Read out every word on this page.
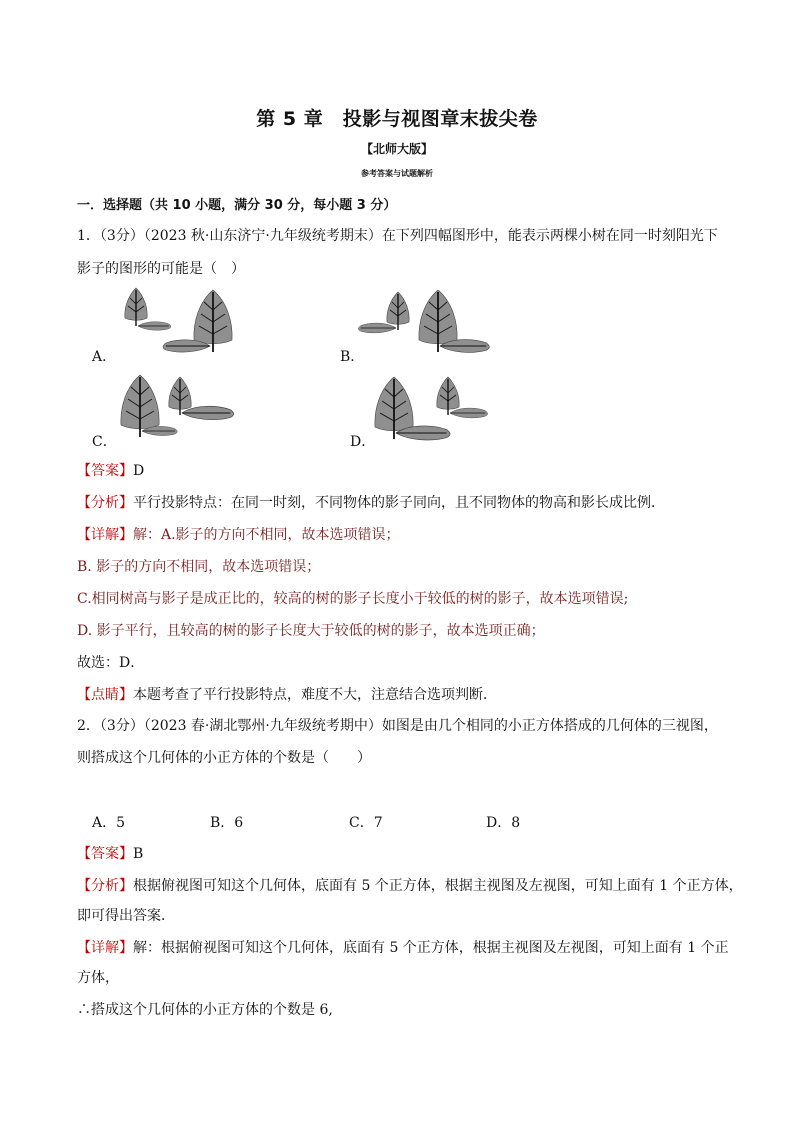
第 5 章　投影与视图章末拔尖卷
【北师大版】
参考答案与试题解析
一．选择题（共 10 小题，满分 30 分，每小题 3 分）
1．（3分）（2023 秋·山东济宁·九年级统考期末）在下列四幅图形中，能表示两棵小树在同一时刻阳光下
影子的图形的可能是（　）
A．	B．
C．	D．
【答案】D
【分析】平行投影特点：在同一时刻，不同物体的影子同向，且不同物体的物高和影长成比例．
【详解】解：A.影子的方向不相同，故本选项错误；
B. 影子的方向不相同，故本选项错误；
C.相同树高与影子是成正比的，较高的树的影子长度小于较低的树的影子，故本选项错误;
D. 影子平行，且较高的树的影子长度大于较低的树的影子，故本选项正确；
故选：D．
【点睛】本题考查了平行投影特点，难度不大，注意结合选项判断．
2．（3分）（2023 春·湖北鄂州·九年级统考期中）如图是由几个相同的小正方体搭成的几何体的三视图，
则搭成这个几何体的小正方体的个数是（　　）
A．5	B．6	C．7	D．8
【答案】B
【分析】根据俯视图可知这个几何体，底面有 5 个正方体，根据主视图及左视图，可知上面有 1 个正方体，
即可得出答案．
【详解】解：根据俯视图可知这个几何体，底面有 5 个正方体，根据主视图及左视图，可知上面有 1 个正
方体，
∴搭成这个几何体的小正方体的个数是 6,
